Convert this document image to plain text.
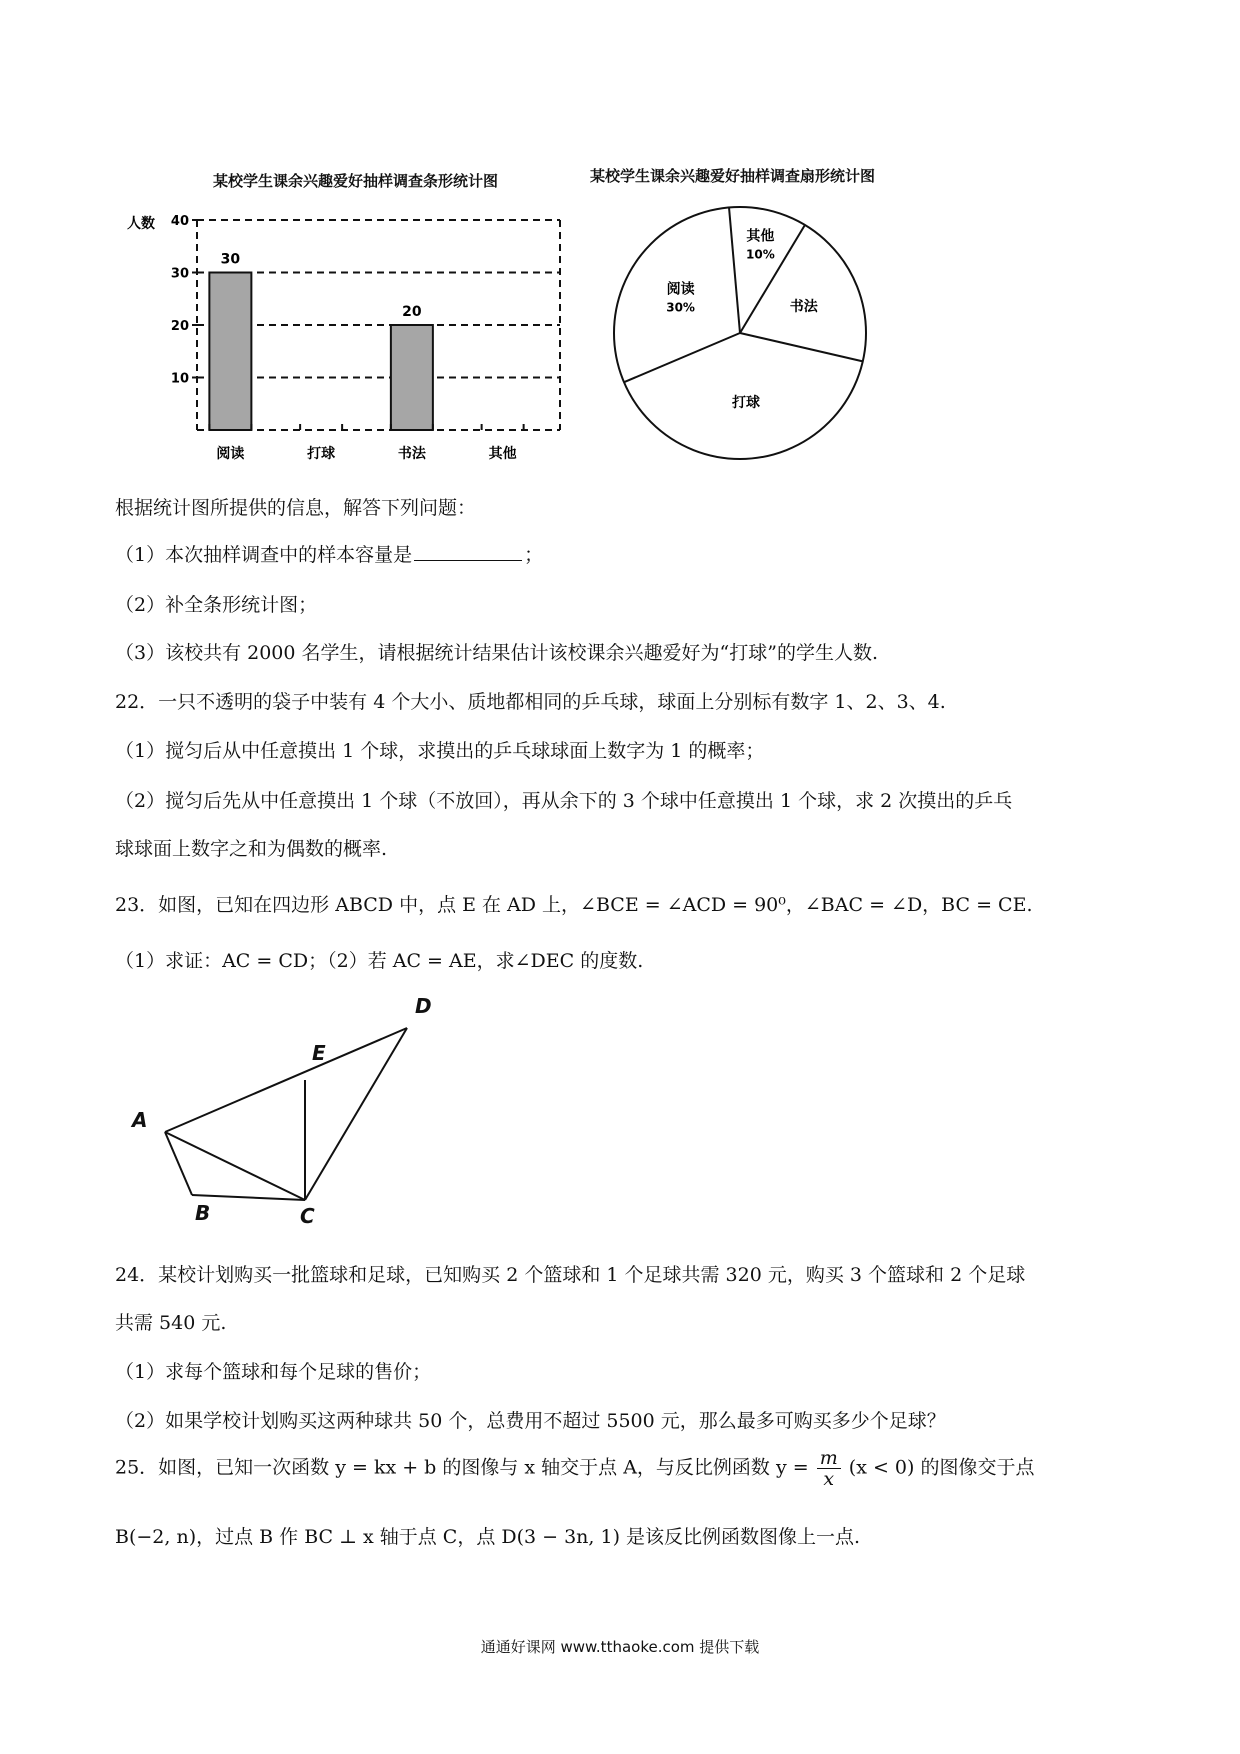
某校学生课余兴趣爱好抽样调查条形统计图
人数
10
20
30
40
30
阅读	打球
20
书法	其他
某校学生课余兴趣爱好抽样调查扇形统计图
其他
10%
书法
打球
阅读
30%
根据统计图所提供的信息，解答下列问题：
（1）本次抽样调查中的样本容量是	；
（2）补全条形统计图；
（3）该校共有 2000 名学生，请根据统计结果估计该校课余兴趣爱好为“打球”的学生人数.
22．一只不透明的袋子中装有 4 个大小、质地都相同的乒乓球，球面上分别标有数字 1、2、3、4.
（1）搅匀后从中任意摸出 1 个球，求摸出的乒乓球球面上数字为 1 的概率；
（2）搅匀后先从中任意摸出 1 个球（不放回），再从余下的 3 个球中任意摸出 1 个球，求 2 次摸出的乒乓
球球面上数字之和为偶数的概率.
23．如图，已知在四边形 ABCD 中，点 E 在 AD 上，∠BCE = ∠ACD = 90⁰，∠BAC = ∠D，BC = CE.
（1）求证：AC = CD；（2）若 AC = AE，求∠DEC 的度数.
A
B	C
D
E
24．某校计划购买一批篮球和足球，已知购买 2 个篮球和 1 个足球共需 320 元，购买 3 个篮球和 2 个足球
共需 540 元.
（1）求每个篮球和每个足球的售价；
（2）如果学校计划购买这两种球共 50 个，总费用不超过 5500 元，那么最多可购买多少个足球？
25．如图，已知一次函数 y = kx + b 的图像与 x 轴交于点 A，与反比例函数 $y = \frac{m}{x} (x < 0)$ 的图像交于点
B(−2, n)，过点 B 作 BC ⊥ x 轴于点 C，点 D(3 − 3n, 1) 是该反比例函数图像上一点.
通通好课网 www.tthaoke.com 提供下载
